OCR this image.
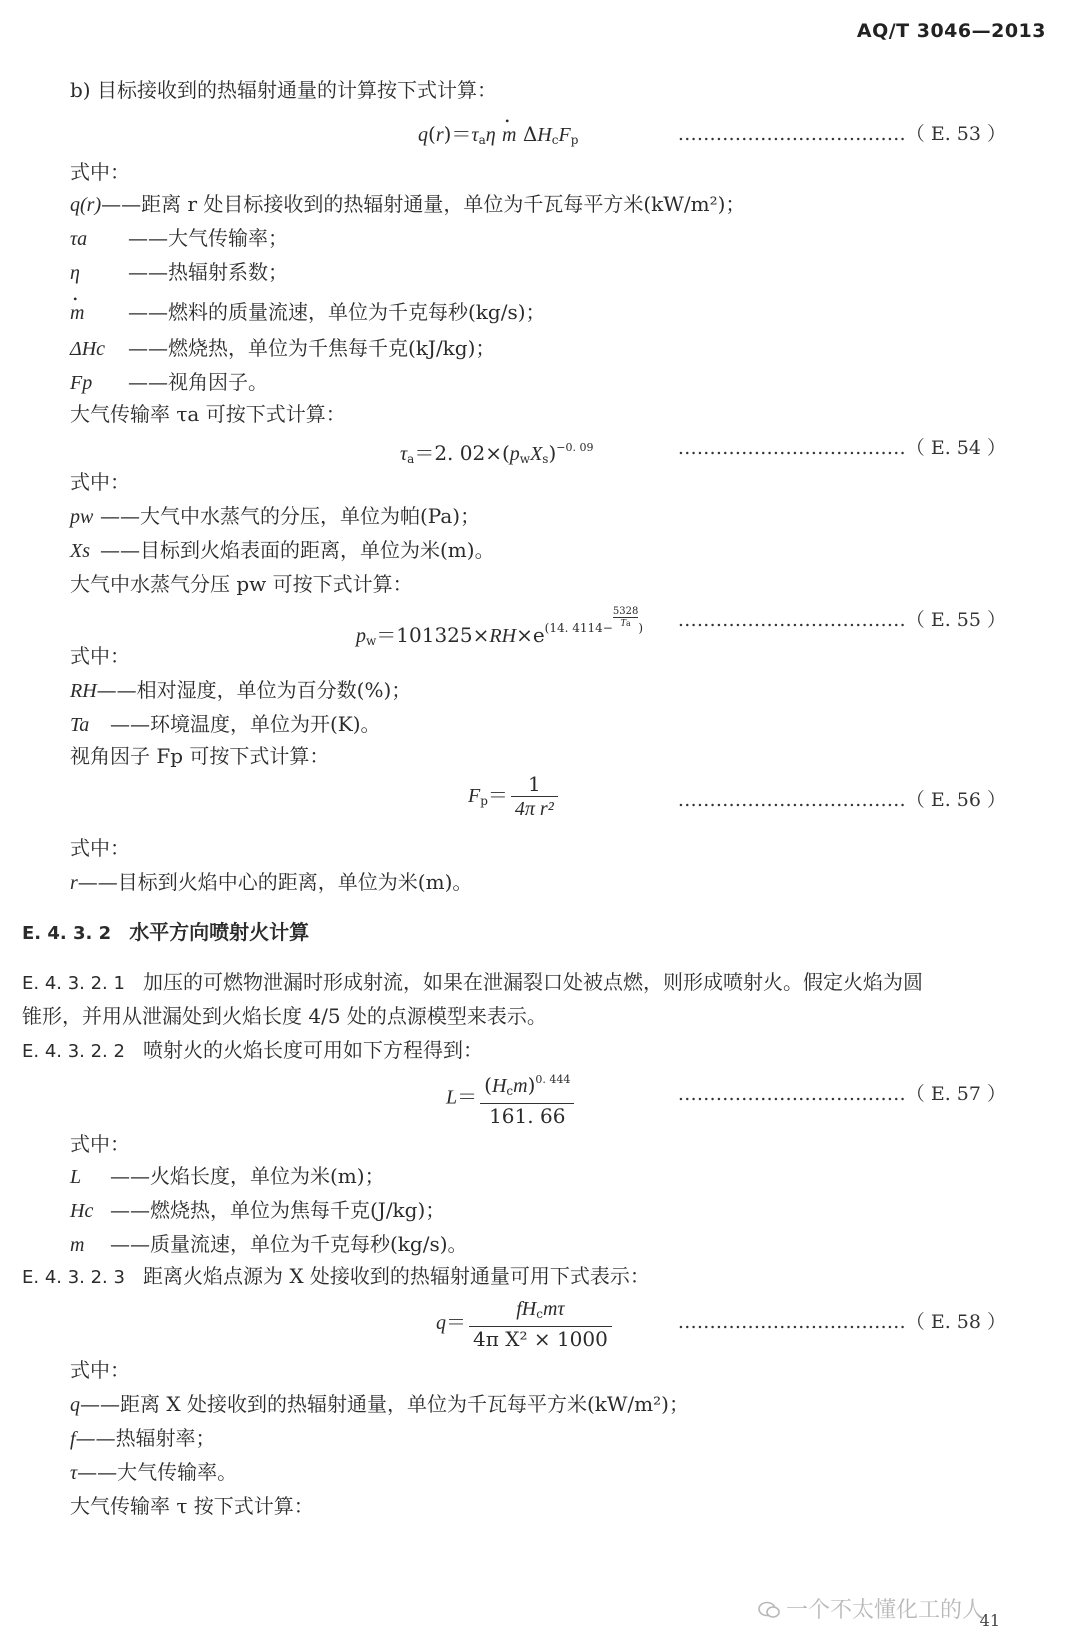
AQ/T 3046—2013
b) 目标接收到的热辐射通量的计算按下式计算：
$q(r)=\tau_a\eta$ • m $\Delta H_cF_p$	………………………………（ E. 53 ）
式中：
q(r)——距离 r 处目标接收到的热辐射通量，单位为千瓦每平方米(kW/m²)；
τa ——大气传输率；
η ——热辐射系数；
• m ——燃料的质量流速，单位为千克每秒(kg/s)；
ΔHc ——燃烧热，单位为千焦每千克(kJ/kg)；
Fp ——视角因子。
大气传输率 τa 可按下式计算：
$\tau_a=2$. $02\times(p_wX_s)^{-0. 09}$	………………………………（ E. 54 ）
式中：
pw ——大气中水蒸气的分压，单位为帕(Pa)；
Xs ——目标到火焰表面的距离，单位为米(m)。
大气中水蒸气分压 pw 可按下式计算：
$p_w=101325\times RH\times e^{(14. 4114- 5328 Ta )}$ ………………………………（ E. 55 ）
式中：
RH——相对湿度，单位为百分数(%)；
Ta ——环境温度，单位为开(K)。
视角因子 Fp 可按下式计算：
$F_p= \frac{1}{\text{4π r²}}$	………………………………（ E. 56 ）
式中：
r——目标到火焰中心的距离，单位为米(m)。
E. 4. 3. 2 水平方向喷射火计算
E. 4. 3. 2. 1 加压的可燃物泄漏时形成射流，如果在泄漏裂口处被点燃，则形成喷射火。假定火焰为圆
锥形，并用从泄漏处到火焰长度 4/5 处的点源模型来表示。
E. 4. 3. 2. 2 喷射火的火焰长度可用如下方程得到：
$L= \frac{(H_cm)^{0. 444}}{161. 66}$	………………………………（ E. 57 ）
式中：
L ——火焰长度，单位为米(m)；
Hc ——燃烧热，单位为焦每千克(J/kg)；
m ——质量流速，单位为千克每秒(kg/s)。
E. 4. 3. 2. 3 距离火焰点源为 X 处接收到的热辐射通量可用下式表示：
$q= \frac{fH_cm\tau}{\text{4π X² × 1000}}$	………………………………（ E. 58 ）
式中：
q——距离 X 处接收到的热辐射通量，单位为千瓦每平方米(kW/m²)；
f——热辐射率；
τ——大气传输率。
大气传输率 τ 按下式计算：
一个不太懂化工的人
41
